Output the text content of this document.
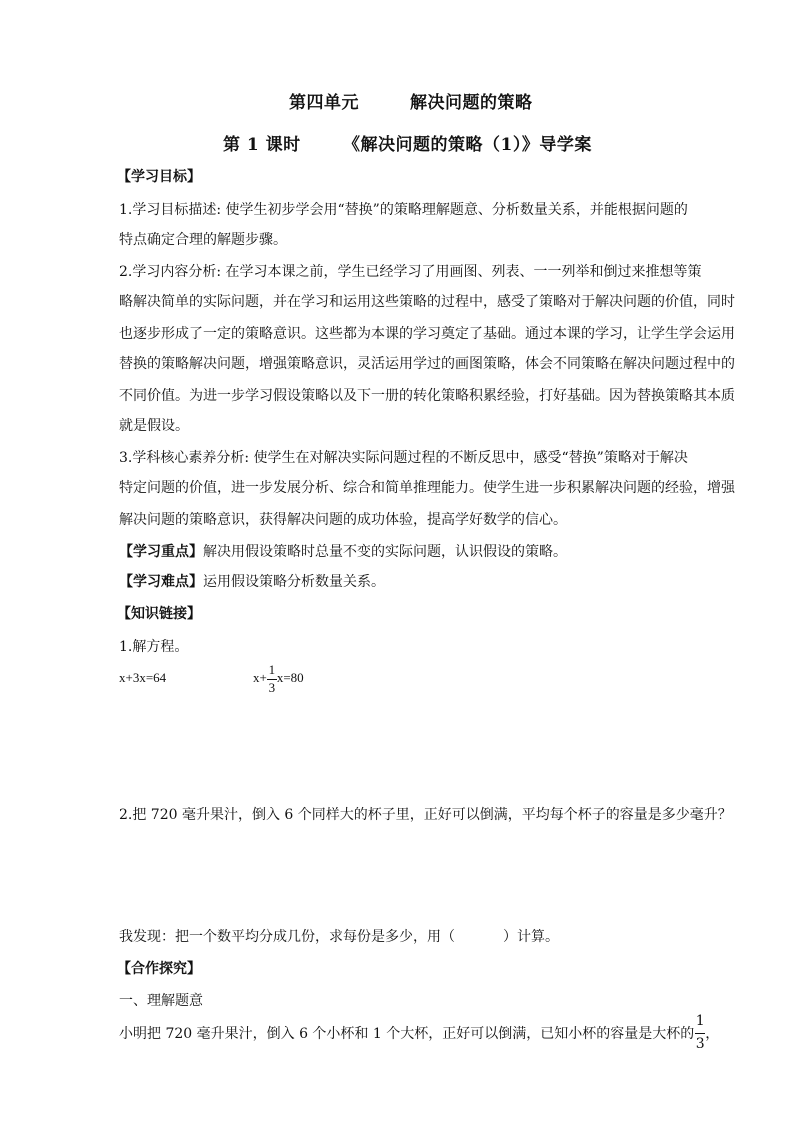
第四单元	解决问题的策略
第 1 课时 《解决问题的策略（1）》导学案
【学习目标】
1.学习目标描述: 使学生初步学会用“替换”的策略理解题意、分析数量关系，并能根据问题的
特点确定合理的解题步骤。
2.学习内容分析: 在学习本课之前，学生已经学习了用画图、列表、一一列举和倒过来推想等策
略解决简单的实际问题，并在学习和运用这些策略的过程中，感受了策略对于解决问题的价值，同时
也逐步形成了一定的策略意识。这些都为本课的学习奠定了基础。通过本课的学习，让学生学会运用
替换的策略解决问题，增强策略意识，灵活运用学过的画图策略，体会不同策略在解决问题过程中的
不同价值。为进一步学习假设策略以及下一册的转化策略积累经验，打好基础。因为替换策略其本质
就是假设。
3.学科核心素养分析: 使学生在对解决实际问题过程的不断反思中，感受“替换”策略对于解决
特定问题的价值，进一步发展分析、综合和简单推理能力。使学生进一步积累解决问题的经验，增强
解决问题的策略意识，获得解决问题的成功体验，提高学好数学的信心。
【学习重点】解决用假设策略时总量不变的实际问题，认识假设的策略。
【学习难点】运用假设策略分析数量关系。
【知识链接】
1.解方程。
x+3x=64	$x+ \frac{1}{3} x=80$
2.把 720 毫升果汁，倒入 6 个同样大的杯子里，正好可以倒满，平均每个杯子的容量是多少毫升？
我发现：把一个数平均分成几份，求每份是多少，用（	）计算。
【合作探究】
一、理解题意
小明把 720 毫升果汁，倒入 6 个小杯和 1 个大杯，正好可以倒满，已知小杯的容量是大杯的 $\frac{1}{3}$ ，
